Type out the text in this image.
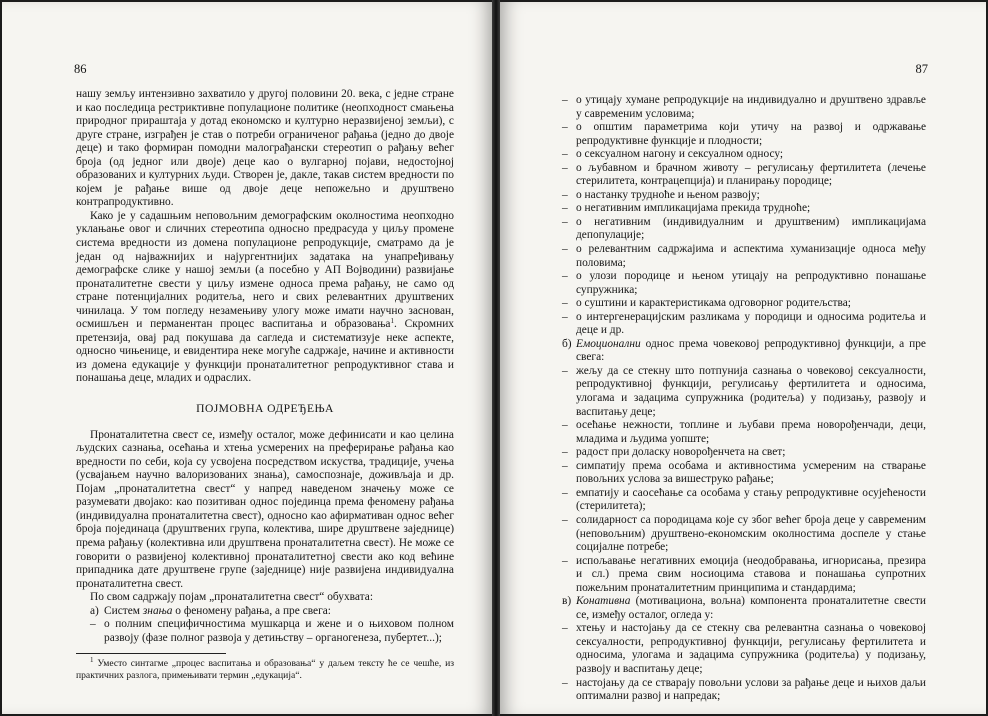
86

нашу земљу интензивно захватило у другој половини 20. века, с једне стране и као последица рестриктивне популационе политике (неопходност смањења природног прираштаја у дотад економско и културно неразвијеној земљи), с друге стране, изграђен је став о потреби ограниченог рађања (једно до двоје деце) и тако формиран помодни малограђански стереотип о рађању већег броја (од једног или двоје) деце као о вулгарној појави, недостојној образованих и културних људи. Створен је, дакле, такав систем вредности по којем је рађање више од двоје деце непожељно и друштвено контрапродуктивно.

Како је у садашњим неповољним демографским околностима неопходно уклањање овог и сличних стереотипа односно предрасуда у циљу промене система вредности из домена популационе репродукције, сматрамо да је један од најважнијих и најургентнијих задатака на унапређивању демографске слике у нашој земљи (а посебно у АП Војводини) развијање пронаталитетне свести у циљу измене односа према рађању, не само од стране потенцијалних родитеља, него и свих релевантних друштвених чинилаца. У том погледу незамењиву улогу може имати научно заснован, осмишљен и перманентан процес васпитања и образовања$^1$. Скромних претензија, овај рад покушава да сагледа и систематизује неке аспекте, односно чињенице, и евидентира неке могуће садржаје, начине и активности из домена едукације у функцији пронаталитетног репродуктивног става и понашања деце, младих и одраслих.

ПОЈМОВНА ОДРЕЂЕЊА

Пронаталитетна свест се, између осталог, може дефинисати и као целина људских сазнања, осећања и хтења усмерених на преферирање рађања као вредности по себи, која су усвојена посредством искуства, традиције, учења (усвајањем научно валоризованих знања), самоспознаје, доживљаја и др. Појам „пронаталитетна свест“ у напред наведеном значењу може се разумевати двојако: као позитиван однос појединца према феномену рађања (индивидуална пронаталитетна свест), односно као афирмативан однос већег броја појединаца (друштвених група, колектива, шире друштвене заједнице) према рађању (колективна или друштвена пронаталитетна свест). Не може се говорити о развијеној колективној пронаталитетној свести ако код већине припадника дате друштвене групе (заједнице) није развијена индивидуална пронаталитетна свест.

По свом садржају појам „пронаталитетна свест“ обухвата:

а) Систем знања о феномену рађања, а пре свега:

– о полним специфичностима мушкарца и жене и о њиховом полном развоју (фазе полног развоја у детињству – органогенеза, пубертет...);

$^1$ Уместо синтагме „процес васпитања и образовања“ у даљем тексту ће се чешће, из практичних разлога, примењивати термин „едукација“.

87

– о утицају хумане репродукције на индивидуално и друштвено здравље у савременим условима;

– о општим параметрима који утичу на развој и одржавање репродуктивне функције и плодности;

– о сексуалном нагону и сексуалном односу;

– о љубавном и брачном животу – регулисању фертилитета (лечење стерилитета, контрацепција) и планирању породице;

– о настанку трудноће и њеном развоју;

– о негативним импликацијама прекида трудноће;

– о негативним (индивидуалним и друштвеним) импликацијама депопулације;

– о релевантним садржајима и аспектима хуманизације односа међу половима;

– о улози породице и њеном утицају на репродуктивно понашање супружника;

– о суштини и карактеристикама одговорног родитељства;

– о интергенерацијским разликама у породици и односима родитеља и деце и др.

б) Емоционални однос према човековој репродуктивној функцији, а пре свега:

– жељу да се стекну што потпунија сазнања о човековој сексуалности, репродуктивној функцији, регулисању фертилитета и односима, улогама и задацима супружника (родитеља) у подизању, развоју и васпитању деце;

– осећање нежности, топлине и љубави према новорођенчади, деци, младима и људима уопште;

– радост при доласку новорођенчета на свет;

– симпатију према особама и активностима усмереним на стварање повољних услова за вишеструко рађање;

– емпатију и саосећање са особама у стању репродуктивне осујећености (стерилитета);

– солидарност са породицама које су због већег броја деце у савременим (неповољним) друштвено-економским околностима доспеле у стање социјалне потребе;

– испољавање негативних емоција (неодобравања, игнорисања, презира и сл.) према свим носиоцима ставова и понашања супротних пожељним пронаталитетним принципима и стандардима;

в) Конативна (мотивациона, вољна) компонента пронаталитетне свести се, између осталог, огледа у:

– хтењу и настојању да се стекну сва релевантна сазнања о човековој сексуалности, репродуктивној функцији, регулисању фертилитета и односима, улогама и задацима супружника (родитеља) у подизању, развоју и васпитању деце;

– настојању да се стварају повољни услови за рађање деце и њихов даљи оптимални развој и напредак;
